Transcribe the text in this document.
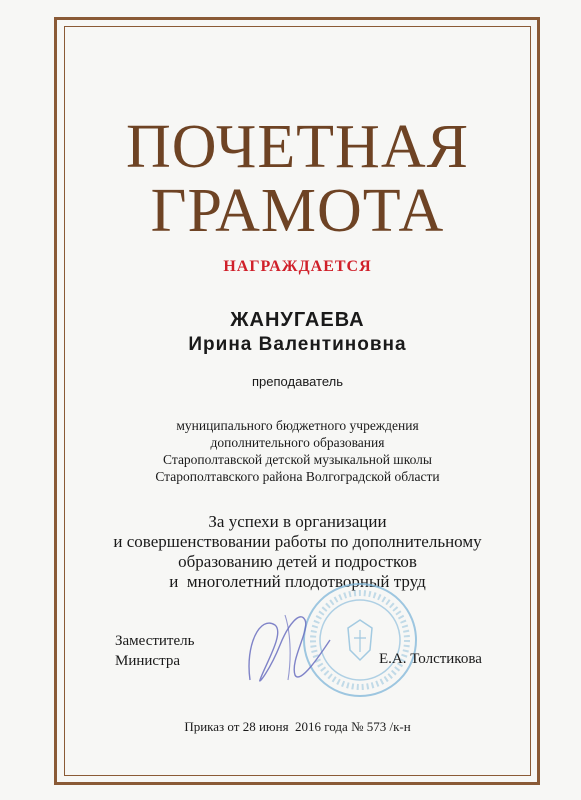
ПОЧЕТНАЯ
ГРАМОТА
НАГРАЖДАЕТСЯ
ЖАНУГАЕВА
Ирина Валентиновна
преподаватель
муниципального бюджетного учреждения
дополнительного образования
Старополтавской детской музыкальной школы
Старополтавского района Волгоградской области
За успехи в организации
и совершенствовании работы по дополнительному
образованию детей и подростков
и  многолетний плодотворный труд
Заместитель
Министра	Е.А. Толстикова
Приказ от 28 июня  2016 года № 573 /к-н
